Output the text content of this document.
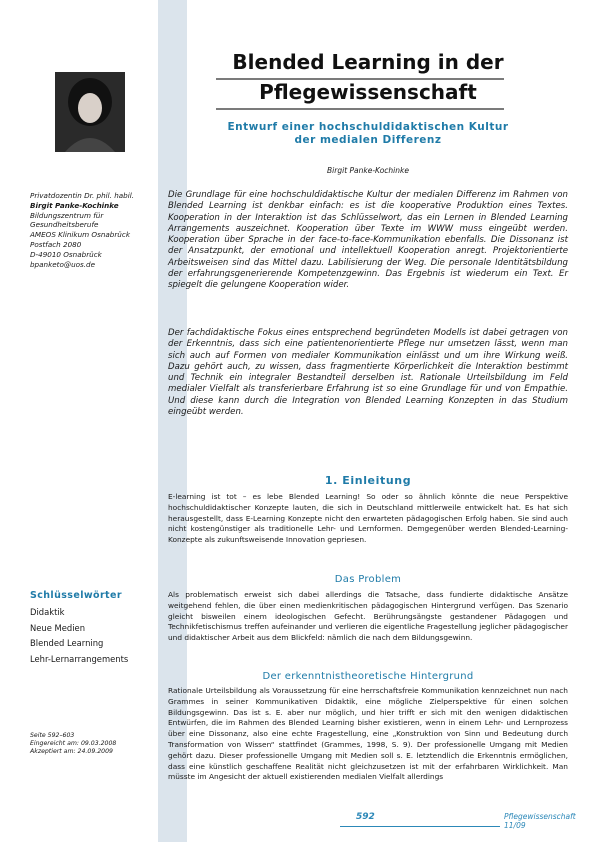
Privatdozentin Dr. phil. habil.
Birgit Panke-Kochinke
Bildungszentrum für
Gesundheitsberufe
AMEOS Klinikum Osnabrück
Postfach 2080
D-49010 Osnabrück
bpanketo@uos.de
Schlüsselwörter
Didaktik
Neue Medien
Blended Learning
Lehr-Lernarrangements
Seite 592–603
Eingereicht am: 09.03.2008
Akzeptiert am: 24.09.2009
Blended Learning in der
Pflegewissenschaft
Entwurf einer hochschuldidaktischen Kultur
der medialen Differenz
Birgit Panke-Kochinke
Die Grundlage für eine hochschuldidaktische Kultur der medialen Differenz im Rahmen von Blended Learning ist denkbar einfach: es ist die kooperative Produktion eines Textes. Kooperation in der Interaktion ist das Schlüsselwort, das ein Lernen in Blended Learning Arrangements auszeichnet. Kooperation über Texte im WWW muss eingeübt werden. Kooperation über Sprache in der face-to-face-Kommunikation ebenfalls. Die Dissonanz ist der Ansatzpunkt, der emotional und intellektuell Kooperation anregt. Projektorientierte Arbeitsweisen sind das Mittel dazu. Labilisierung der Weg. Die personale Identitätsbildung der erfahrungsgenerierende Kompetenzgewinn. Das Ergebnis ist wiederum ein Text. Er spiegelt die gelungene Kooperation wider.
Der fachdidaktische Fokus eines entsprechend begründeten Modells ist dabei getragen von der Erkenntnis, dass sich eine patientenorientierte Pflege nur umsetzen lässt, wenn man sich auch auf Formen von medialer Kommunikation einlässt und um ihre Wirkung weiß. Dazu gehört auch, zu wissen, dass fragmentierte Körperlichkeit die Interaktion bestimmt und Technik ein integraler Bestandteil derselben ist. Rationale Urteilsbildung im Feld medialer Vielfalt als transferierbare Erfahrung ist so eine Grundlage für und von Empathie. Und diese kann durch die Integration von Blended Learning Konzepten in das Studium eingeübt werden.
1. Einleitung
E-learning ist tot – es lebe Blended Learning! So oder so ähnlich könnte die neue Perspektive hochschuldidaktischer Konzepte lauten, die sich in Deutschland mittlerweile entwickelt hat. Es hat sich herausgestellt, dass E-Learning Konzepte nicht den erwarteten pädagogischen Erfolg haben. Sie sind auch nicht kostengünstiger als traditionelle Lehr- und Lernformen. Demgegenüber werden Blended-Learning-Konzepte als zukunftsweisende Innovation gepriesen.
Das Problem
Als problematisch erweist sich dabei allerdings die Tatsache, dass fundierte didaktische Ansätze weitgehend fehlen, die über einen medienkritischen pädagogischen Hintergrund verfügen. Das Szenario gleicht bisweilen einem ideologischen Gefecht. Berührungsängste gestandener Pädagogen und Technikfetischismus treffen aufeinander und verlieren die eigentliche Fragestellung jeglicher pädagogischer und didaktischer Arbeit aus dem Blickfeld: nämlich die nach dem Bildungsgewinn.
Der erkenntnistheoretische Hintergrund
Rationale Urteilsbildung als Voraussetzung für eine herrschaftsfreie Kommunikation kennzeichnet nun nach Grammes in seiner Kommunikativen Didaktik, eine mögliche Zielperspektive für einen solchen Bildungsgewinn. Das ist s. E. aber nur möglich, und hier trifft er sich mit den wenigen didaktischen Entwürfen, die im Rahmen des Blended Learning bisher existieren, wenn in einem Lehr- und Lernprozess über eine Dissonanz, also eine echte Fragestellung, eine „Konstruktion von Sinn und Bedeutung durch Transformation von Wissen“ stattfindet (Grammes, 1998, S. 9). Der professionelle Umgang mit Medien gehört dazu. Dieser professionelle Umgang mit Medien soll s. E. letztendlich die Erkenntnis ermöglichen, dass eine künstlich geschaffene Realität nicht gleichzusetzen ist mit der erfahrbaren Wirklichkeit. Man müsste im Angesicht der aktuell existierenden medialen Vielfalt allerdings
592	Pflegewissenschaft 11/09
